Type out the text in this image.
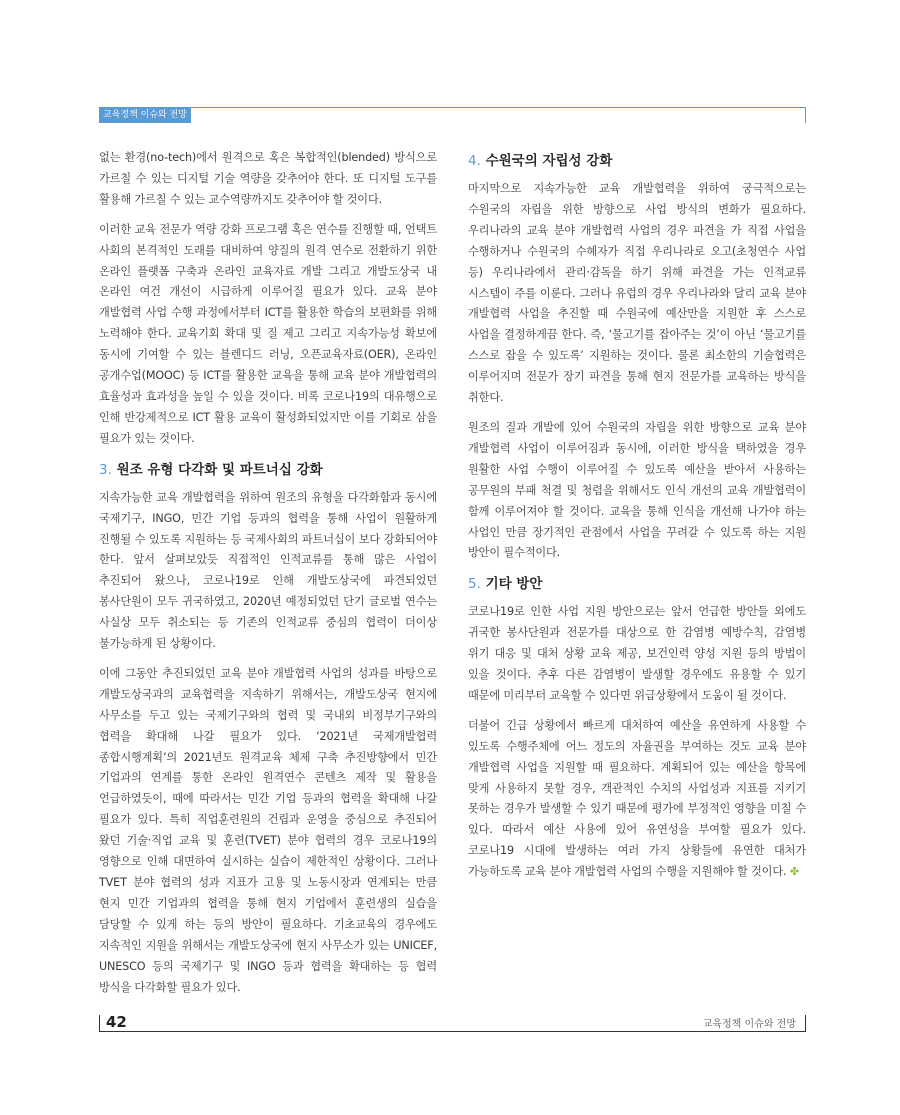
교육정책 이슈와 전망

없는 환경(no-tech)에서 원격으로 혹은 복합적인(blended) 방식으로 가르칠 수 있는 디지털 기술 역량을 갖추어야 한다. 또 디지털 도구를 활용해 가르칠 수 있는 교수역량까지도 갖추어야 할 것이다.

이러한 교육 전문가 역량 강화 프로그램 혹은 연수를 진행할 때, 언택트 사회의 본격적인 도래를 대비하여 양질의 원격 연수로 전환하기 위한 온라인 플랫폼 구축과 온라인 교육자료 개발 그리고 개발도상국 내 온라인 여건 개선이 시급하게 이루어질 필요가 있다. 교육 분야 개발협력 사업 수행 과정에서부터 ICT를 활용한 학습의 보편화를 위해 노력해야 한다. 교육기회 확대 및 질 제고 그리고 지속가능성 확보에 동시에 기여할 수 있는 블렌디드 러닝, 오픈교육자료(OER), 온라인 공개수업(MOOC) 등 ICT를 활용한 교육을 통해 교육 분야 개발협력의 효율성과 효과성을 높일 수 있을 것이다. 비록 코로나19의 대유행으로 인해 반강제적으로 ICT 활용 교육이 활성화되었지만 이를 기회로 삼을 필요가 있는 것이다.

3. 원조 유형 다각화 및 파트너십 강화

지속가능한 교육 개발협력을 위하여 원조의 유형을 다각화함과 동시에 국제기구, INGO, 민간 기업 등과의 협력을 통해 사업이 원활하게 진행될 수 있도록 지원하는 등 국제사회의 파트너십이 보다 강화되어야 한다. 앞서 살펴보았듯 직접적인 인적교류를 통해 많은 사업이 추진되어 왔으나, 코로나19로 인해 개발도상국에 파견되었던 봉사단원이 모두 귀국하였고, 2020년 예정되었던 단기 글로벌 연수는 사실상 모두 취소되는 등 기존의 인적교류 중심의 협력이 더이상 불가능하게 된 상황이다.

이에 그동안 추진되었던 교육 분야 개발협력 사업의 성과를 바탕으로 개발도상국과의 교육협력을 지속하기 위해서는, 개발도상국 현지에 사무소를 두고 있는 국제기구와의 협력 및 국내외 비정부기구와의 협력을 확대해 나갈 필요가 있다. ‘2021년 국제개발협력 종합시행계획’의 2021년도 원격교육 체제 구축 추진방향에서 민간 기업과의 연계를 통한 온라인 원격연수 콘텐츠 제작 및 활용을 언급하였듯이, 때에 따라서는 민간 기업 등과의 협력을 확대해 나갈 필요가 있다. 특히 직업훈련원의 건립과 운영을 중심으로 추진되어 왔던 기술·직업 교육 및 훈련(TVET) 분야 협력의 경우 코로나19의 영향으로 인해 대면하여 실시하는 실습이 제한적인 상황이다. 그러나 TVET 분야 협력의 성과 지표가 고용 및 노동시장과 연계되는 만큼 현지 민간 기업과의 협력을 통해 현지 기업에서 훈련생의 실습을 담당할 수 있게 하는 등의 방안이 필요하다. 기초교육의 경우에도 지속적인 지원을 위해서는 개발도상국에 현지 사무소가 있는 UNICEF, UNESCO 등의 국제기구 및 INGO 등과 협력을 확대하는 등 협력 방식을 다각화할 필요가 있다.

4. 수원국의 자립성 강화

마지막으로 지속가능한 교육 개발협력을 위하여 궁극적으로는 수원국의 자립을 위한 방향으로 사업 방식의 변화가 필요하다. 우리나라의 교육 분야 개발협력 사업의 경우 파견을 가 직접 사업을 수행하거나 수원국의 수혜자가 직접 우리나라로 오고(초청연수 사업 등) 우리나라에서 관리·감독을 하기 위해 파견을 가는 인적교류 시스템이 주를 이룬다. 그러나 유럽의 경우 우리나라와 달리 교육 분야 개발협력 사업을 추진할 때 수원국에 예산만을 지원한 후 스스로 사업을 결정하게끔 한다. 즉, ‘물고기를 잡아주는 것’이 아닌 ‘물고기를 스스로 잡을 수 있도록’ 지원하는 것이다. 물론 최소한의 기술협력은 이루어지며 전문가 장기 파견을 통해 현지 전문가를 교육하는 방식을 취한다.

원조의 질과 개발에 있어 수원국의 자립을 위한 방향으로 교육 분야 개발협력 사업이 이루어짐과 동시에, 이러한 방식을 택하였을 경우 원활한 사업 수행이 이루어질 수 있도록 예산을 받아서 사용하는 공무원의 부패 척결 및 청렴을 위해서도 인식 개선의 교육 개발협력이 함께 이루어져야 할 것이다. 교육을 통해 인식을 개선해 나가야 하는 사업인 만큼 장기적인 관점에서 사업을 꾸려갈 수 있도록 하는 지원 방안이 필수적이다.

5. 기타 방안

코로나19로 인한 사업 지원 방안으로는 앞서 언급한 방안들 외에도 귀국한 봉사단원과 전문가를 대상으로 한 감염병 예방수칙, 감염병 위기 대응 및 대처 상황 교육 제공, 보건인력 양성 지원 등의 방법이 있을 것이다. 추후 다른 감염병이 발생할 경우에도 유용할 수 있기 때문에 미리부터 교육할 수 있다면 위급상황에서 도움이 될 것이다.

더불어 긴급 상황에서 빠르게 대처하여 예산을 유연하게 사용할 수 있도록 수행주체에 어느 정도의 자율권을 부여하는 것도 교육 분야 개발협력 사업을 지원할 때 필요하다. 계획되어 있는 예산을 항목에 맞게 사용하지 못할 경우, 객관적인 수치의 사업성과 지표를 지키기 못하는 경우가 발생할 수 있기 때문에 평가에 부정적인 영향을 미칠 수 있다. 따라서 예산 사용에 있어 유연성을 부여할 필요가 있다. 코로나19 시대에 발생하는 여러 가지 상황들에 유연한 대처가 가능하도록 교육 분야 개발협력 사업의 수행을 지원해야 할 것이다. ✤

42	교육정책 이슈와 전망
